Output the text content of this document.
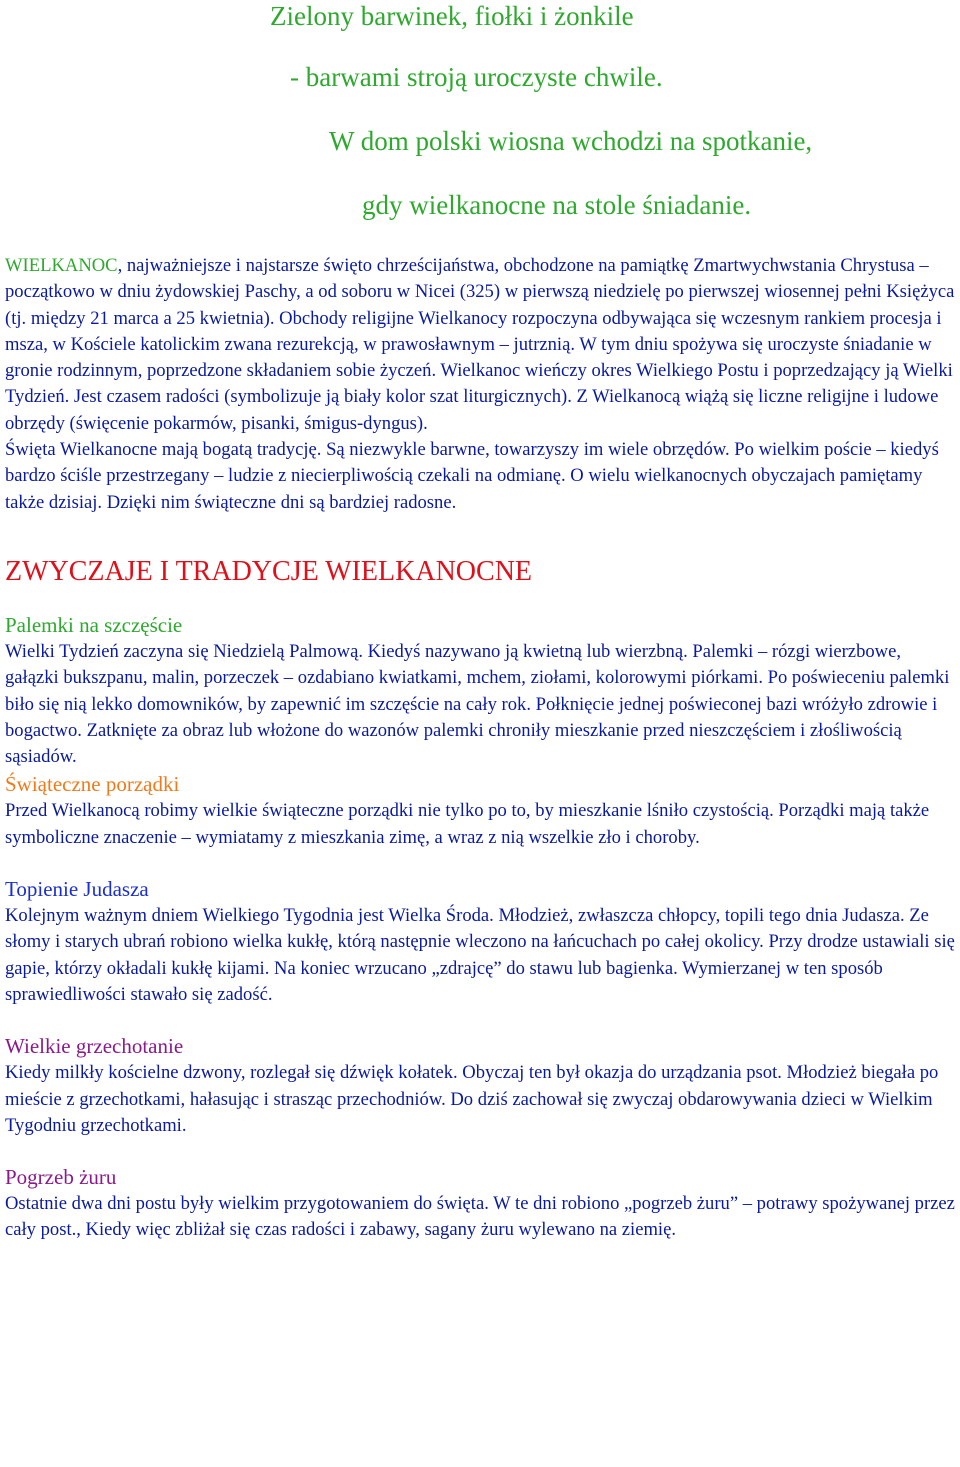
Zielony barwinek, fiołki i żonkile

- barwami stroją uroczyste chwile.

W dom polski wiosna wchodzi na spotkanie,

gdy wielkanocne na stole śniadanie.

WIELKANOC, najważniejsze i najstarsze święto chrześcijaństwa, obchodzone na pamiątkę Zmartwychwstania Chrystusa – początkowo w dniu żydowskiej Paschy, a od soboru w Nicei (325) w pierwszą niedzielę po pierwszej wiosennej pełni Księżyca (tj. między 21 marca a 25 kwietnia). Obchody religijne Wielkanocy rozpoczyna odbywająca się wczesnym rankiem procesja i msza, w Kościele katolickim zwana rezurekcją, w prawosławnym – jutrznią. W tym dniu spożywa się uroczyste śniadanie w gronie rodzinnym, poprzedzone składaniem sobie życzeń. Wielkanoc wieńczy okres Wielkiego Postu i poprzedzający ją Wielki Tydzień. Jest czasem radości (symbolizuje ją biały kolor szat liturgicznych). Z Wielkanocą wiążą się liczne religijne i ludowe obrzędy (święcenie pokarmów, pisanki, śmigus-dyngus).

Święta Wielkanocne mają bogatą tradycję. Są niezwykle barwne, towarzyszy im wiele obrzędów. Po wielkim poście – kiedyś bardzo ściśle przestrzegany – ludzie z niecierpliwością czekali na odmianę. O wielu wielkanocnych obyczajach pamiętamy także dzisiaj. Dzięki nim świąteczne dni są bardziej radosne.

ZWYCZAJE I TRADYCJE WIELKANOCNE
Palemki na szczęście

Wielki Tydzień zaczyna się Niedzielą Palmową. Kiedyś nazywano ją kwietną lub wierzbną. Palemki – rózgi wierzbowe, gałązki bukszpanu, malin, porzeczek – ozdabiano kwiatkami, mchem, ziołami, kolorowymi piórkami. Po poświeceniu palemki biło się nią lekko domowników, by zapewnić im szczęście na cały rok. Połknięcie jednej poświeconej bazi wróżyło zdrowie i bogactwo. Zatknięte za obraz lub włożone do wazonów palemki chroniły mieszkanie przed nieszczęściem i złośliwością sąsiadów.

Świąteczne porządki

Przed Wielkanocą robimy wielkie świąteczne porządki nie tylko po to, by mieszkanie lśniło czystością. Porządki mają także symboliczne znaczenie – wymiatamy z mieszkania zimę, a wraz z nią wszelkie zło i choroby.

Topienie Judasza

Kolejnym ważnym dniem Wielkiego Tygodnia jest Wielka Środa. Młodzież, zwłaszcza chłopcy, topili tego dnia Judasza. Ze słomy i starych ubrań robiono wielka kukłę, którą następnie wleczono na łańcuchach po całej okolicy. Przy drodze ustawiali się gapie, którzy okładali kukłę kijami. Na koniec wrzucano „zdrajcę” do stawu lub bagienka. Wymierzanej w ten sposób sprawiedliwości stawało się zadość.

Wielkie grzechotanie

Kiedy milkły kościelne dzwony, rozlegał się dźwięk kołatek. Obyczaj ten był okazja do urządzania psot. Młodzież biegała po mieście z grzechotkami, hałasując i strasząc przechodniów. Do dziś zachował się zwyczaj obdarowywania dzieci w Wielkim Tygodniu grzechotkami.

Pogrzeb żuru

Ostatnie dwa dni postu były wielkim przygotowaniem do święta. W te dni robiono „pogrzeb żuru” – potrawy spożywanej przez cały post., Kiedy więc zbliżał się czas radości i zabawy, sagany żuru wylewano na ziemię.
